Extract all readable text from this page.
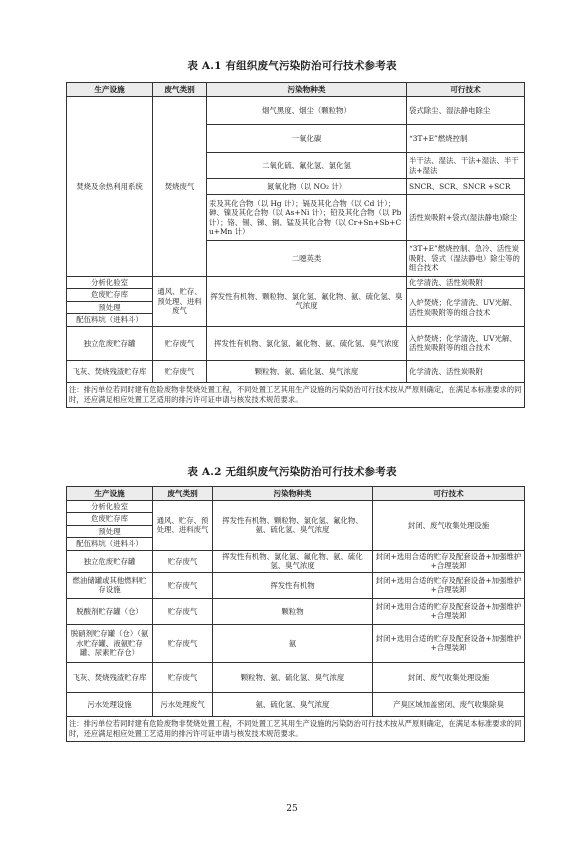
表 A.1 有组织废气污染防治可行技术参考表
生产设施	废气类别	污染物种类	可行技术
焚烧及余热利用系统	焚烧废气	烟气黑度、烟尘（颗粒物）	袋式除尘、湿法静电除尘
		一氧化碳	“3T+E”燃烧控制
		二氧化硫、氟化氢、氯化氢	半干法、湿法、干法+湿法、半干法+湿法
		氮氧化物（以 NO₂ 计）	SNCR、SCR、SNCR +SCR
		汞及其化合物（以 Hg 计）；镉及其化合物（以 Cd 计）；砷、镍及其化合物（以 As+Ni 计）；铅及其化合物（以 Pb 计）；铬、锡、锑、铜、锰及其化合物（以 Cr+Sn+Sb+Cu+Mn 计）	活性炭吸附+袋式(湿法静电)除尘
		二噁英类	“3T+E”燃烧控制、急冷、活性炭吸附、袋式（湿法静电）除尘等的组合技术
分析化验室	通风、贮存、预处理、进料废气	挥发性有机物、颗粒物、氯化氢、氟化物、氨、硫化氢、臭气浓度	化学清洗、活性炭吸附
危废贮存库			入炉焚烧；化学清洗、UV光解、活性炭吸附等的组合技术
预处理			
配伍料坑（进料斗）			
独立危废贮存罐	贮存废气	挥发性有机物、氯化氢、氟化物、氨、硫化氢、臭气浓度	入炉焚烧；化学清洗、UV光解、活性炭吸附等的组合技术
飞灰、焚烧残渣贮存库	贮存废气	颗粒物、氨、硫化氢、臭气浓度	化学清洗、活性炭吸附
注：排污单位若同时建有危险废物非焚烧处置工程，不同处置工艺其用生产设施的污染防治可行技术按从严原则确定，在满足本标准要求的同时，还应满足相应处置工艺适用的排污许可证申请与核发技术规范要求。			
表 A.2 无组织废气污染防治可行技术参考表
生产设施	废气类别	污染物种类	可行技术
分析化验室	通风、贮存、预处理、进料废气	挥发性有机物、颗粒物、氯化氢、氟化物、氨、硫化氢、臭气浓度	封闭、废气收集处理设施
危废贮存库			
预处理			
配伍料坑（进料斗）			
独立危废贮存罐	贮存废气	挥发性有机物、氯化氢、氟化物、氨、硫化氢、臭气浓度	封闭+选用合适的贮存及配套设备+加强维护+合理装卸
燃油储罐或其他燃料贮存设施	贮存废气	挥发性有机物	封闭+选用合适的贮存及配套设备+加强维护+合理装卸
脱酸剂贮存罐（仓）	贮存废气	颗粒物	封闭+选用合适的贮存及配套设备+加强维护+合理装卸
脱硝剂贮存罐（仓）（氨水贮存罐、液氨贮存罐、尿素贮存仓）	贮存废气	氨	封闭+选用合适的贮存及配套设备+加强维护+合理装卸
飞灰、焚烧残渣贮存库	贮存废气	颗粒物、氨、硫化氢、臭气浓度	封闭、废气收集处理设施
污水处理设施	污水处理废气	氨、硫化氢、臭气浓度	产臭区域加盖密闭、废气收集除臭
注：排污单位若同时建有危险废物非焚烧处置工程，不同处置工艺其用生产设施的污染防治可行技术按从严原则确定，在满足本标准要求的同时，还应满足相应处置工艺适用的排污许可证申请与核发技术规范要求。			
25
